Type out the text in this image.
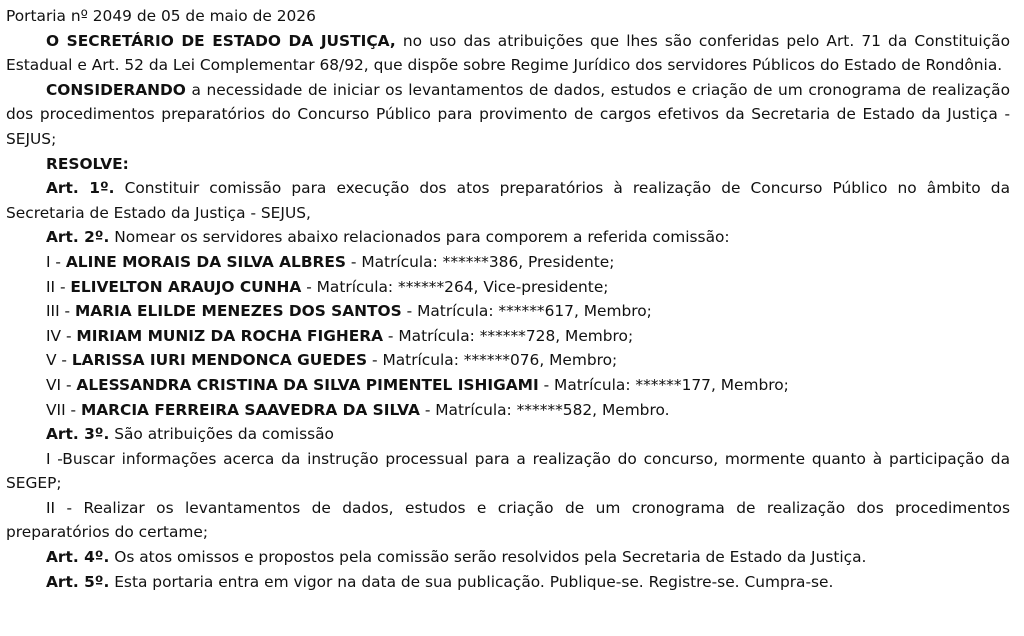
Portaria nº 2049 de 05 de maio de 2026

O SECRETÁRIO DE ESTADO DA JUSTIÇA, no uso das atribuições que lhes são conferidas pelo Art. 71 da Constituição Estadual e Art. 52 da Lei Complementar 68/92, que dispõe sobre Regime Jurídico dos servidores Públicos do Estado de Rondônia.

CONSIDERANDO a necessidade de iniciar os levantamentos de dados, estudos e criação de um cronograma de realização dos procedimentos preparatórios do Concurso Público para provimento de cargos efetivos da Secretaria de Estado da Justiça - SEJUS;

RESOLVE:

Art. 1º. Constituir comissão para execução dos atos preparatórios à realização de Concurso Público no âmbito da Secretaria de Estado da Justiça - SEJUS,

Art. 2º. Nomear os servidores abaixo relacionados para comporem a referida comissão:

I - ALINE MORAIS DA SILVA ALBRES - Matrícula: ******386, Presidente;

II - ELIVELTON ARAUJO CUNHA - Matrícula: ******264, Vice-presidente;

III - MARIA ELILDE MENEZES DOS SANTOS - Matrícula: ******617, Membro;

IV - MIRIAM MUNIZ DA ROCHA FIGHERA - Matrícula: ******728, Membro;

V - LARISSA IURI MENDONCA GUEDES - Matrícula: ******076, Membro;

VI - ALESSANDRA CRISTINA DA SILVA PIMENTEL ISHIGAMI - Matrícula: ******177, Membro;

VII - MARCIA FERREIRA SAAVEDRA DA SILVA - Matrícula: ******582, Membro.

Art. 3º. São atribuições da comissão

I -Buscar informações acerca da instrução processual para a realização do concurso, mormente quanto à participação da SEGEP;

II - Realizar os levantamentos de dados, estudos e criação de um cronograma de realização dos procedimentos preparatórios do certame;

Art. 4º. Os atos omissos e propostos pela comissão serão resolvidos pela Secretaria de Estado da Justiça.

Art. 5º. Esta portaria entra em vigor na data de sua publicação. Publique-se. Registre-se. Cumpra-se.
